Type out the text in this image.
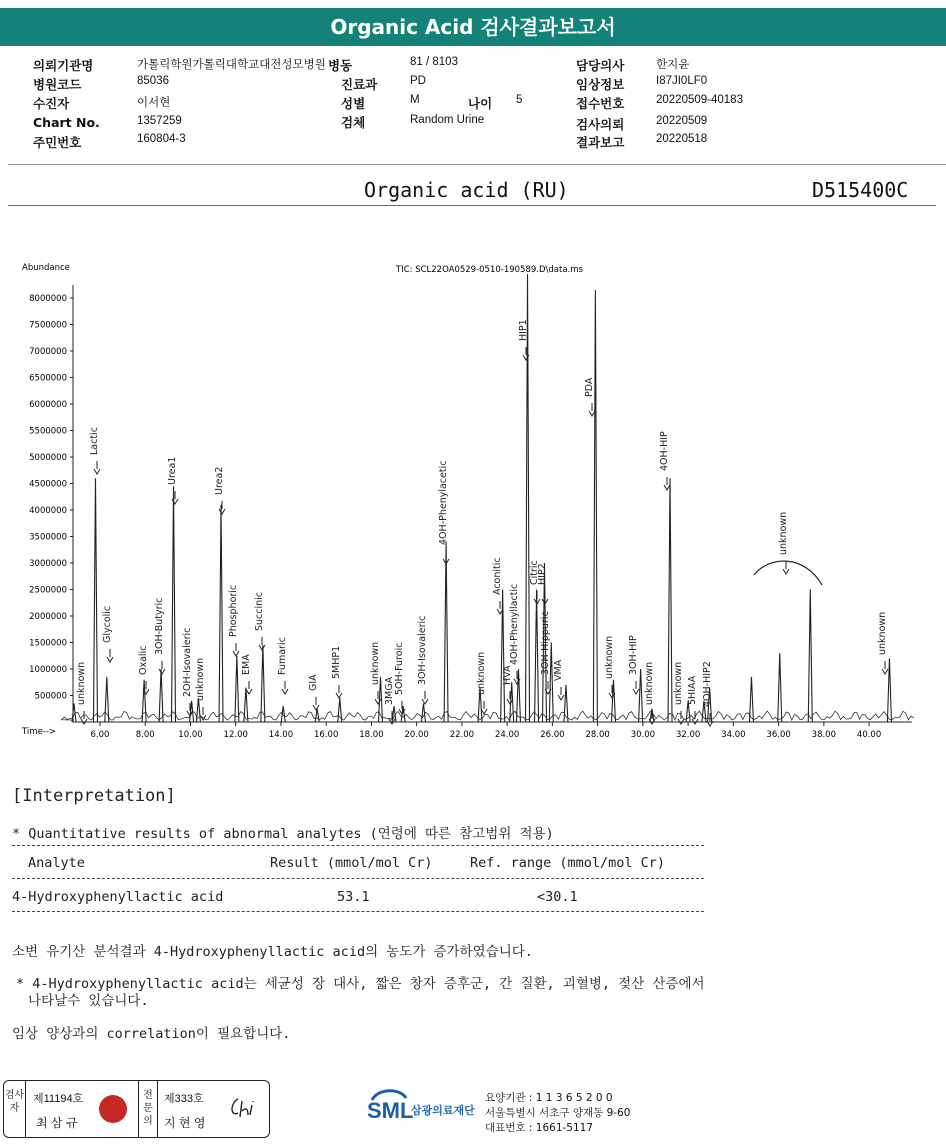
Organic Acid 검사결과보고서
의뢰기관명	가톨릭학원가톨릭대학교대전성모병원 병동	81 / 8103	담당의사	한지윤
병원코드	85036	진료과	PD	임상정보	I87JI0LF0
수진자	이서현	성별	M	나이 5	접수번호	20220509-40183
Chart No.	1357259	검체	Random Urine	검사의뢰	20220509
주민번호	160804-3	결과보고	20220518
Organic acid (RU)	D515400C
Abundance	TIC: SCL22OA0529-0510-190589.D\data.ms
Time-->
500000
1000000
1500000
2000000
2500000
3000000
3500000
4000000
4500000
5000000
5500000
6000000
6500000
7000000
7500000
8000000
6.00	8.00	10.00 12.00 14.00 16.00 18.00 20.00 22.00 24.00 26.00 28.00 30.00 32.00 34.00 36.00 38.00 40.00
unknown
Lactic
Glycolic
Oxalic
3OH-Butyric
Urea1
2OH-Isovaleric unknown
Urea2
Phosphoric
EMA
Succinic
Fumaric
GIA
5MHP1	unknown
3MGA 5OH-Furoic 3OH-Isovaleric
4OH-Phenylacetic
unknown
Aconitic
HVA
4OH-Phenyllactic
HIP1
Citric
HIP2
3OH-Hippuric VMA
PDA
unknown 3OH-HIP
unknown
4OH-HIP
unknown 5HIAA 4OH-HIP2
unknown
unknown
[Interpretation]
* Quantitative results of abnormal analytes (연령에 따른 참고범위 적용)
Analyte	Result (mmol/mol Cr)	Ref. range (mmol/mol Cr)
4-Hydroxyphenyllactic acid	53.1	<30.1
소변 유기산 분석결과 4-Hydroxyphenyllactic acid의 농도가 증가하였습니다.
* 4-Hydroxyphenyllactic acid는 세균성 장 대사, 짧은 창자 증후군, 간 질환, 괴혈병, 젖산 산증에서
나타날수 있습니다.
임상 양상과의 correlation이 필요합니다.
검사자
제11194호
최 삼 규
전문의
제333호
지 현 영	SML
삼광의료재단
요양기관 : 1 1 3 6 5 2 0 0
서울특별시 서초구 양재동 9-60
대표번호 : 1661-5117
